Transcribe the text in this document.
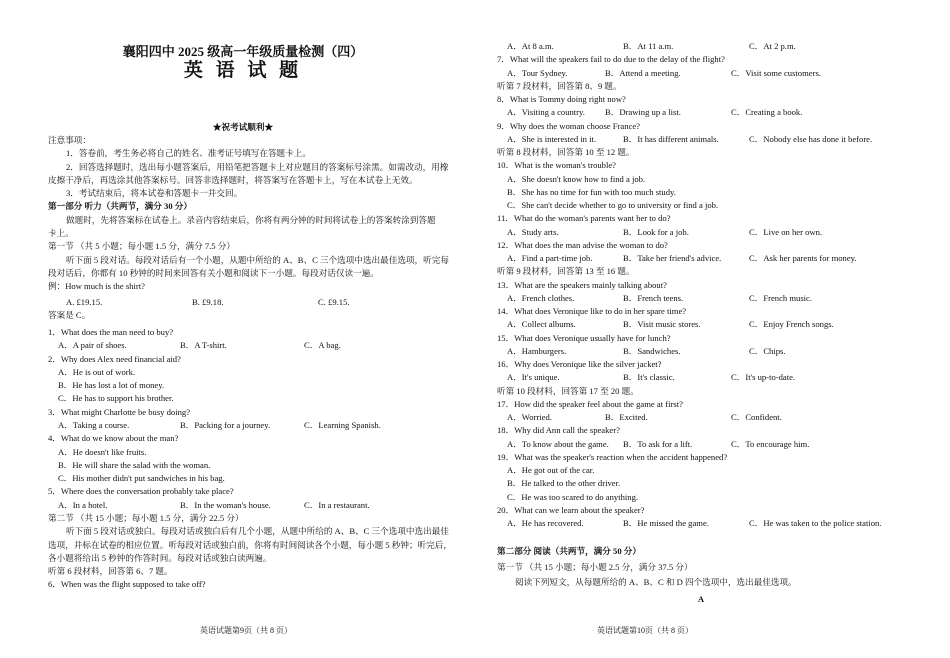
襄阳四中 2025 级高一年级质量检测（四）
英 语 试 题
★祝考试顺利★
注意事项：
1．答卷前，考生务必将自己的姓名、准考证号填写在答题卡上。
2．回答选择题时，选出每小题答案后，用铅笔把答题卡上对应题目的答案标号涂黑。如需改动，用橡
皮擦干净后，再选涂其他答案标号。回答非选择题时，将答案写在答题卡上，写在本试卷上无效。
3．考试结束后，将本试卷和答题卡一并交回。
第一部分 听力（共两节，满分 30 分）
做题时，先将答案标在试卷上。录音内容结束后，你将有两分钟的时间将试卷上的答案转涂到答题
卡上。
第一节 （共 5 小题；每小题 1.5 分，满分 7.5 分）
听下面 5 段对话。每段对话后有一个小题，从题中所给的 A、B、C 三个选项中选出最佳选项，听完每
段对话后，你都有 10 秒钟的时间来回答有关小题和阅读下一小题。每段对话仅读一遍。
例：How much is the shirt?
A. £19.15.	B. £9.18.	C. £9.15.
答案是 C。
1．What does the man need to buy?
A．A pair of shoes.	B．A T-shirt.	C．A bag.
2．Why does Alex need financial aid?
A．He is out of work.
B．He has lost a lot of money.
C．He has to support his brother.
3．What might Charlotte be busy doing?
A．Taking a course.	B．Packing for a journey.	C．Learning Spanish.
4．What do we know about the man?
A．He doesn't like fruits.
B．He will share the salad with the woman.
C．His mother didn't put sandwiches in his bag.
5．Where does the conversation probably take place?
A．In a hotel.	B．In the woman's house.	C．In a restaurant.
第二节 （共 15 小题；每小题 1.5 分，满分 22.5 分）
听下面 5 段对话或独白。每段对话或独白后有几个小题，从题中所给的 A、B、C 三个选项中选出最佳
选项，并标在试卷的相应位置。听每段对话或独白前，你将有时间阅读各个小题，每小题 5 秒钟；听完后，
各小题将给出 5 秒钟的作答时间。每段对话或独白读两遍。
听第 6 段材料，回答第 6、7 题。
6．When was the flight supposed to take off?
英语试题第9页（共 8 页）
A．At 8 a.m.	B．At 11 a.m.	C．At 2 p.m.
7．What will the speakers fail to do due to the delay of the flight?
A．Tour Sydney.	B．Attend a meeting.	C．Visit some customers.
听第 7 段材料，回答第 8、9 题。
8．What is Tommy doing right now?
A．Visiting a country. B．Drawing up a list.	C．Creating a book.
9．Why does the woman choose France?
A．She is interested in it.	B．It has different animals.	C．Nobody else has done it before.
听第 8 段材料，回答第 10 至 12 题。
10．What is the woman's trouble?
A．She doesn't know how to find a job.
B．She has no time for fun with too much study.
C．She can't decide whether to go to university or find a job.
11．What do the woman's parents want her to do?
A．Study arts.	B．Look for a job.	C．Live on her own.
12．What does the man advise the woman to do?
A．Find a part-time job.	B．Take her friend's advice.	C．Ask her parents for money.
听第 9 段材料，回答第 13 至 16 题。
13．What are the speakers mainly talking about?
A．French clothes.	B．French teens.	C．French music.
14．What does Veronique like to do in her spare time?
A．Collect albums.	B．Visit music stores.	C．Enjoy French songs.
15．What does Veronique usually have for lunch?
A．Hamburgers.	B．Sandwiches.	C．Chips.
16．Why does Veronique like the silver jacket?
A．It's unique.	B．It's classic.	C．It's up-to-date.
听第 10 段材料，回答第 17 至 20 题。
17．How did the speaker feel about the game at first?
A．Worried.	B．Excited.	C．Confident.
18．Why did Ann call the speaker?
A．To know about the game. B．To ask for a lift.	C．To encourage him.
19．What was the speaker's reaction when the accident happened?
A．He got out of the car.
B．He talked to the other driver.
C．He was too scared to do anything.
20．What can we learn about the speaker?
A．He has recovered.	B．He missed the game.	C．He was taken to the police station.
第二部分 阅读（共两节，满分 50 分）
第一节 （共 15 小题；每小题 2.5 分，满分 37.5 分）
阅读下列短文，从每题所给的 A、B、C 和 D 四个选项中，选出最佳选项。
A
英语试题第10页（共 8 页）
